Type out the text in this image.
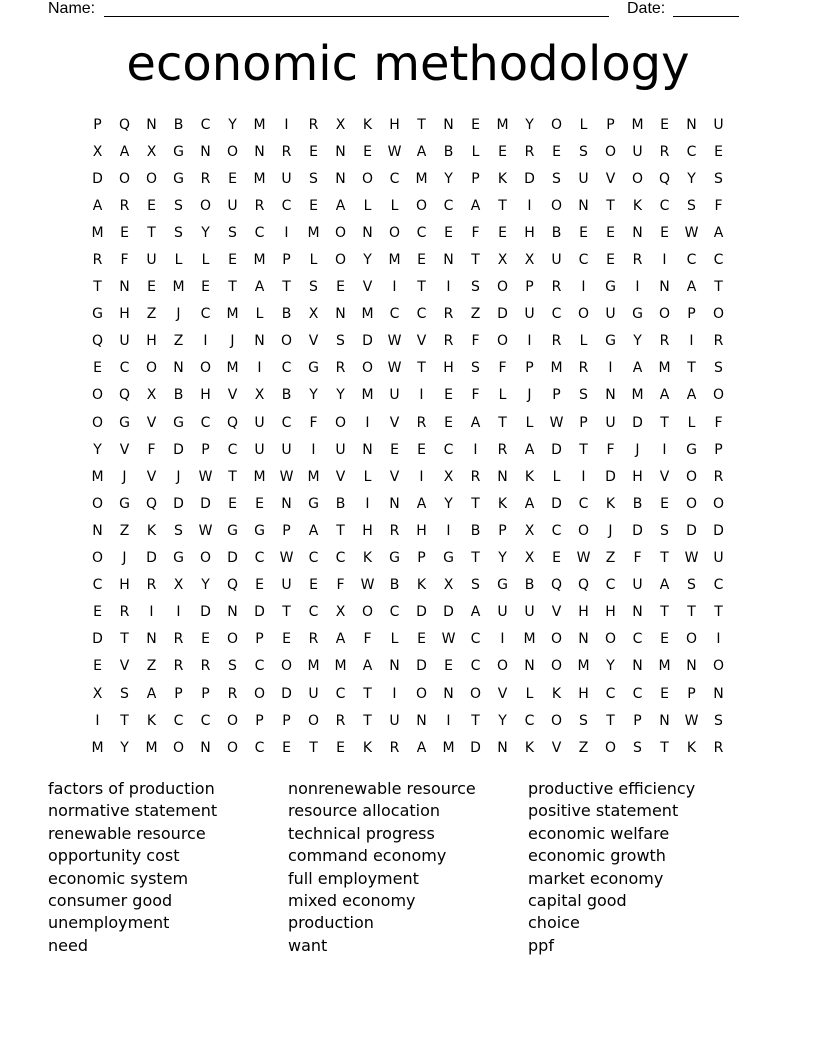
Name:	Date:
economic methodology
P	Q	N	B	C	Y	M	I	R	X	K	H	T	N	E	M	Y	O	L	P	M	E	N	U
X	A	X	G	N	O	N	R	E	N	E	W	A	B	L	E	R	E	S	O	U	R	C	E
D	O	O	G	R	E	M	U	S	N	O	C	M	Y	P	K	D	S	U	V	O	Q	Y	S
A	R	E	S	O	U	R	C	E	A	L	L	O	C	A	T	I	O	N	T	K	C	S	F
M	E	T	S	Y	S	C	I	M	O	N	O	C	E	F	E	H	B	E	E	N	E	W	A
R	F	U	L	L	E	M	P	L	O	Y	M	E	N	T	X	X	U	C	E	R	I	C	C
T	N	E	M	E	T	A	T	S	E	V	I	T	I	S	O	P	R	I	G	I	N	A	T
G	H	Z	J	C	M	L	B	X	N	M	C	C	R	Z	D	U	C	O	U	G	O	P	O
Q	U	H	Z	I	J	N	O	V	S	D	W	V	R	F	O	I	R	L	G	Y	R	I	R
E	C	O	N	O	M	I	C	G	R	O	W	T	H	S	F	P	M	R	I	A	M	T	S
O	Q	X	B	H	V	X	B	Y	Y	M	U	I	E	F	L	J	P	S	N	M	A	A	O
O	G	V	G	C	Q	U	C	F	O	I	V	R	E	A	T	L	W	P	U	D	T	L	F
Y	V	F	D	P	C	U	U	I	U	N	E	E	C	I	R	A	D	T	F	J	I	G	P
M	J	V	J	W	T	M	W	M	V	L	V	I	X	R	N	K	L	I	D	H	V	O	R
O	G	Q	D	D	E	E	N	G	B	I	N	A	Y	T	K	A	D	C	K	B	E	O	O
N	Z	K	S	W	G	G	P	A	T	H	R	H	I	B	P	X	C	O	J	D	S	D	D
O	J	D	G	O	D	C	W	C	C	K	G	P	G	T	Y	X	E	W	Z	F	T	W	U
C	H	R	X	Y	Q	E	U	E	F	W	B	K	X	S	G	B	Q	Q	C	U	A	S	C
E	R	I	I	D	N	D	T	C	X	O	C	D	D	A	U	U	V	H	H	N	T	T	T
D	T	N	R	E	O	P	E	R	A	F	L	E	W	C	I	M	O	N	O	C	E	O	I
E	V	Z	R	R	S	C	O	M	M	A	N	D	E	C	O	N	O	M	Y	N	M	N	O
X	S	A	P	P	R	O	D	U	C	T	I	O	N	O	V	L	K	H	C	C	E	P	N
I	T	K	C	C	O	P	P	O	R	T	U	N	I	T	Y	C	O	S	T	P	N	W	S
M	Y	M	O	N	O	C	E	T	E	K	R	A	M	D	N	K	V	Z	O	S	T	K	R
factors of production
normative statement
renewable resource
opportunity cost
economic system
consumer good
unemployment
need
nonrenewable resource
resource allocation
technical progress
command economy
full employment
mixed economy
production
want
productive efficiency
positive statement
economic welfare
economic growth
market economy
capital good
choice
ppf
